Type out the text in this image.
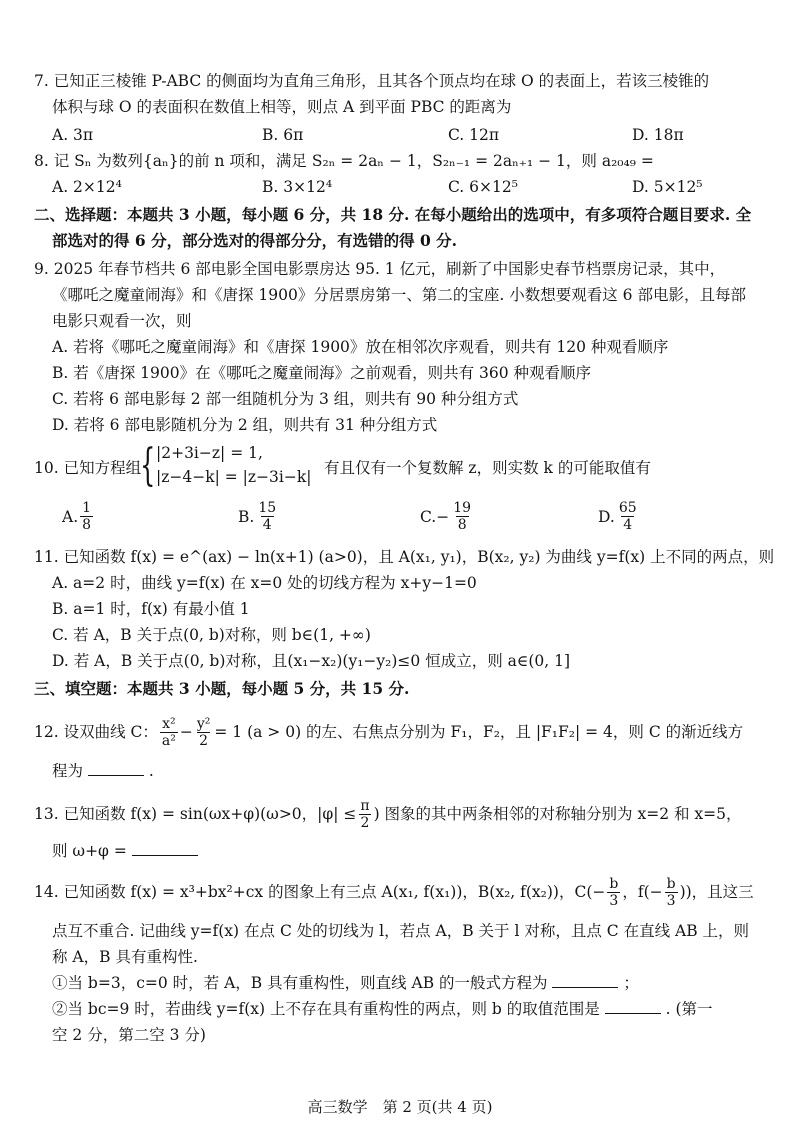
7. 已知正三棱锥 P-ABC 的侧面均为直角三角形，且其各个顶点均在球 O 的表面上，若该三棱锥的
体积与球 O 的表面积在数值上相等，则点 A 到平面 PBC 的距离为
A. 3π	B. 6π	C. 12π	D. 18π
8. 记 Sₙ 为数列{aₙ}的前 n 项和，满足 S₂ₙ = 2aₙ − 1，S₂ₙ₋₁ = 2aₙ₊₁ − 1，则 a₂₀₄₉ =
A. 2×12⁴	B. 3×12⁴	C. 6×12⁵	D. 5×12⁵
二、选择题：本题共 3 小题，每小题 6 分，共 18 分. 在每小题给出的选项中，有多项符合题目要求. 全
部选对的得 6 分，部分选对的得部分分，有选错的得 0 分.
9. 2025 年春节档共 6 部电影全国电影票房达 95. 1 亿元，刷新了中国影史春节档票房记录，其中，
《哪吒之魔童闹海》和《唐探 1900》分居票房第一、第二的宝座. 小数想要观看这 6 部电影，且每部
电影只观看一次，则
A. 若将《哪吒之魔童闹海》和《唐探 1900》放在相邻次序观看，则共有 120 种观看顺序
B. 若《唐探 1900》在《哪吒之魔童闹海》之前观看，则共有 360 种观看顺序
C. 若将 6 部电影每 2 部一组随机分为 3 组，则共有 90 种分组方式
D. 若将 6 部电影随机分为 2 组，则共有 31 种分组方式
10. 已知方程组
{ |2+3i−z| = 1,
|z−4−k| = |z−3i−k| 有且仅有一个复数解 z，则实数 k 的可能取值有
A. $\frac{1}{8}$	B. $\frac{15}{4}$	C. − $\frac{19}{8}$	D. $\frac{65}{4}$
11. 已知函数 f(x) = e^(ax) − ln(x+1) (a>0)，且 A(x₁, y₁)，B(x₂, y₂) 为曲线 y=f(x) 上不同的两点，则
A. a=2 时，曲线 y=f(x) 在 x=0 处的切线方程为 x+y−1=0
B. a=1 时，f(x) 有最小值 1
C. 若 A，B 关于点(0, b)对称，则 b∈(1, +∞)
D. 若 A，B 关于点(0, b)对称，且(x₁−x₂)(y₁−y₂)≤0 恒成立，则 a∈(0, 1]
三、填空题：本题共 3 小题，每小题 5 分，共 15 分.
12. 设双曲线 C： $\frac{\text{x²}}{\text{a²}} - \frac{\text{y²}}{2} = 1$ (a > 0) 的左、右焦点分别为 F₁，F₂，且 |F₁F₂| = 4，则 C 的渐近线方
程为	.
13. 已知函数 f(x) = sin(ωx+φ)(ω>0，$|\varphi| \le \frac{\pi}{2}$ ) 图象的其中两条相邻的对称轴分别为 x=2 和 x=5，
则 ω+φ =
14. 已知函数 f(x) = x³+bx²+cx 的图象上有三点 A(x₁, f(x₁))，B(x₂, f(x₂))，$C(- \frac{b}{3}$ ，$f(- \frac{b}{3}$ ))，且这三
点互不重合. 记曲线 y=f(x) 在点 C 处的切线为 l，若点 A，B 关于 l 对称，且点 C 在直线 AB 上，则
称 A，B 具有重构性.
①当 b=3，c=0 时，若 A，B 具有重构性，则直线 AB 的一般式方程为	；
②当 bc=9 时，若曲线 y=f(x) 上不存在具有重构性的两点，则 b 的取值范围是	. (第一
空 2 分，第二空 3 分)
高三数学　第 2 页(共 4 页)
